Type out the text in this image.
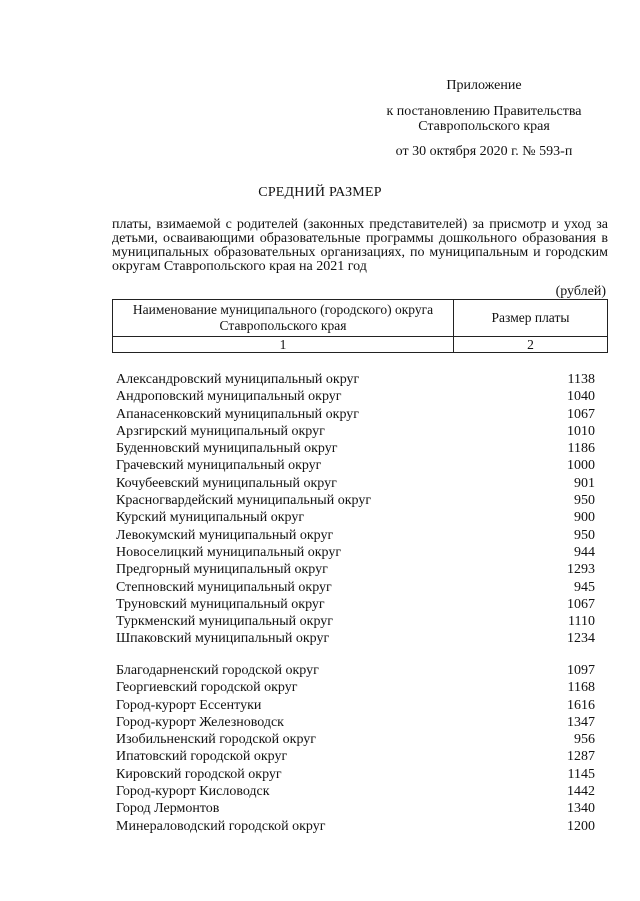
Приложение
к постановлению Правительства
Ставропольского края
от 30 октября 2020 г. № 593-п
СРЕДНИЙ РАЗМЕР
платы, взимаемой с родителей (законных представителей) за присмотр и уход за детьми, осваивающими образовательные программы дошкольного образования в муниципальных образовательных организациях, по муниципальным и городским округам Ставропольского края на 2021 год
(рублей)
Наименование муниципального (городского) округа Ставропольского края	Размер платы
1	2
Александровский муниципальный округ	1138
Андроповский муниципальный округ	1040
Апанасенковский муниципальный округ	1067
Арзгирский муниципальный округ	1010
Буденновский муниципальный округ	1186
Грачевский муниципальный округ	1000
Кочубеевский муниципальный округ	901
Красногвардейский муниципальный округ	950
Курский муниципальный округ	900
Левокумский муниципальный округ	950
Новоселицкий муниципальный округ	944
Предгорный муниципальный округ	1293
Степновский муниципальный округ	945
Труновский муниципальный округ	1067
Туркменский муниципальный округ	1110
Шпаковский муниципальный округ	1234
Благодарненский городской округ	1097
Георгиевский городской округ	1168
Город-курорт Ессентуки	1616
Город-курорт Железноводск	1347
Изобильненский городской округ	956
Ипатовский городской округ	1287
Кировский городской округ	1145
Город-курорт Кисловодск	1442
Город Лермонтов	1340
Минераловодский городской округ	1200
